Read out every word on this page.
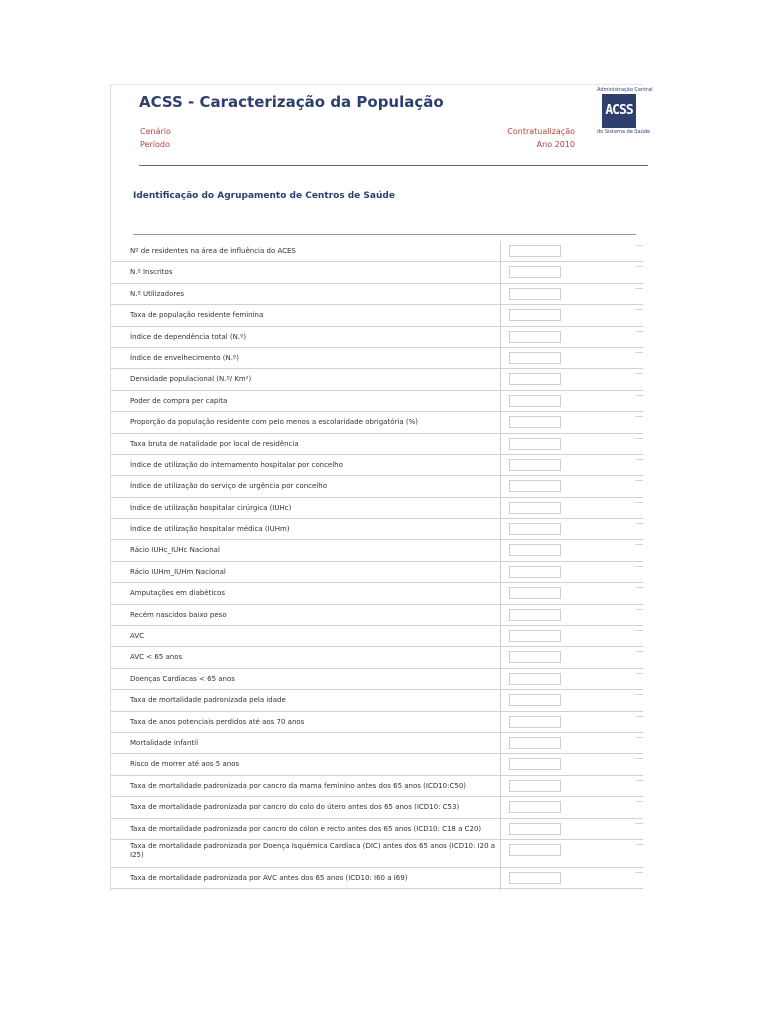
ACSS - Caracterização da População
Cenário
Período
Contratualização
Ano 2010
Administração Central
ACSS
do Sistema de Saúde
Identificação do Agrupamento de Centros de Saúde
Nº de residentes na área de influência do ACES
N.º Inscritos
N.º Utilizadores
Taxa de população residente feminina
Índice de dependência total (N.º)
Índice de envelhecimento (N.º)
Densidade populacional (N.º/ Km²)
Poder de compra per capita
Proporção da população residente com pelo menos a escolaridade obrigatória (%)
Taxa bruta de natalidade por local de residência
Índice de utilização do internamento hospitalar por concelho
Índice de utilização do serviço de urgência por concelho
Índice de utilização hospitalar cirúrgica (IUHc)
Índice de utilização hospitalar médica (IUHm)
Rácio IUHc_IUHc Nacional
Rácio IUHm_IUHm Nacional
Amputações em diabéticos
Recém nascidos baixo peso
AVC
AVC < 65 anos
Doenças Cardíacas < 65 anos
Taxa de mortalidade padronizada pela idade
Taxa de anos potenciais perdidos até aos 70 anos
Mortalidade infantil
Risco de morrer até aos 5 anos
Taxa de mortalidade padronizada por cancro da mama feminino antes dos 65 anos (ICD10:C50)
Taxa de mortalidade padronizada por cancro do colo do útero antes dos 65 anos (ICD10: C53)
Taxa de mortalidade padronizada por cancro do cólon e recto antes dos 65 anos (ICD10: C18 a C20)
Taxa de mortalidade padronizada por Doença Isquémica Cardíaca (DIC) antes dos 65 anos (ICD10: I20 a I25)
Taxa de mortalidade padronizada por AVC antes dos 65 anos (ICD10: I60 a I69)
